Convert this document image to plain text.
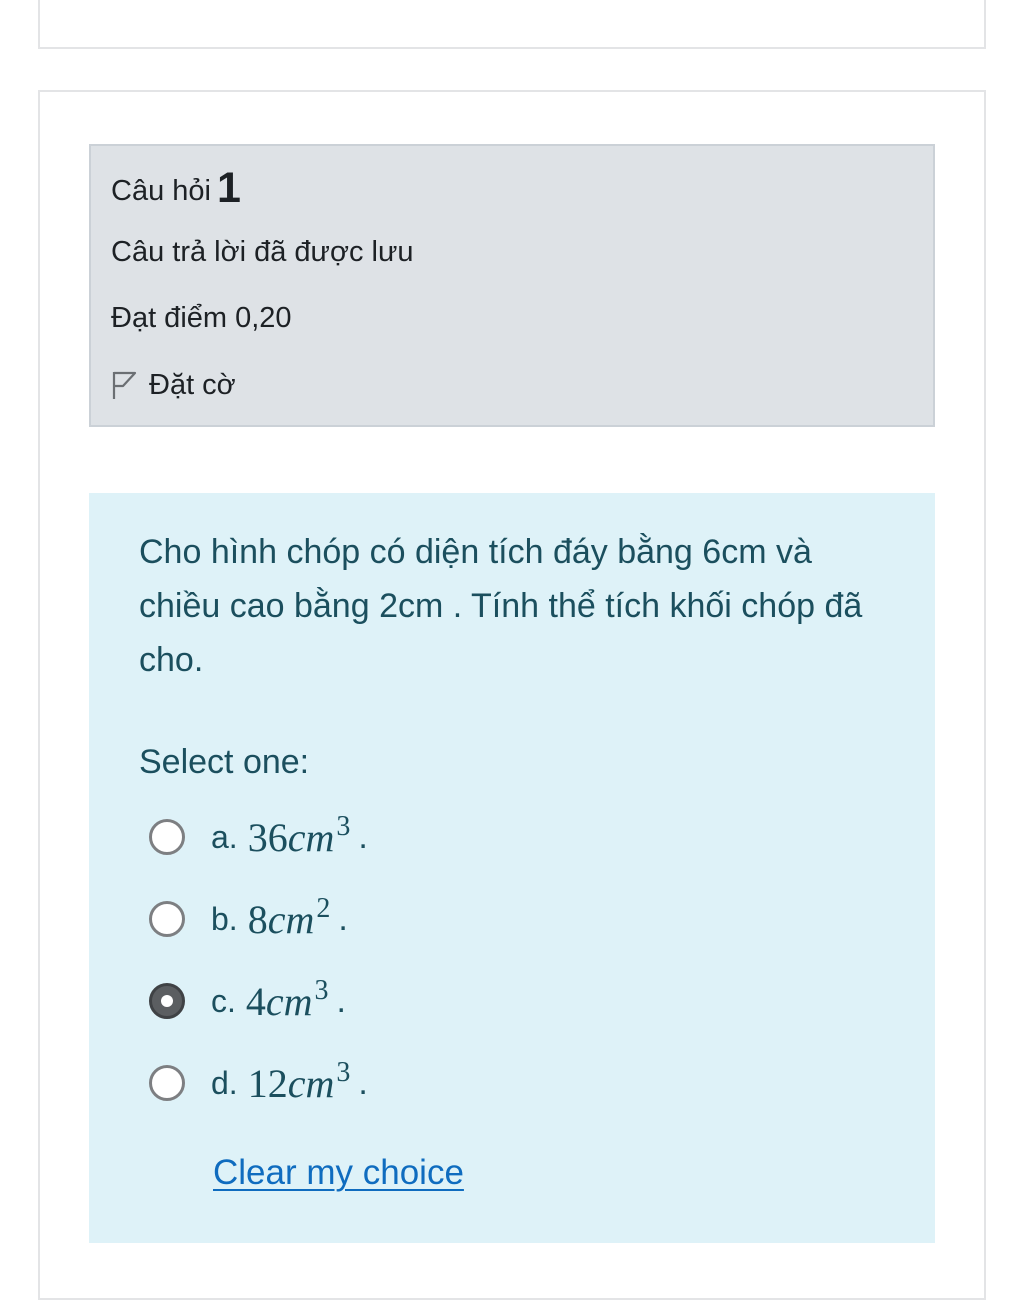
Câu hỏi 1
Câu trả lời đã được lưu
Đạt điểm 0,20
Đặt cờ
Cho hình chóp có diện tích đáy bằng 6cm và chiều cao bằng 2cm . Tính thể tích khối chóp đã cho.
Select one:
a. $36cm^3$ .
b. $8cm^2$ .
c. $4cm^3$ .
d. $12cm^3$ .
Clear my choice
